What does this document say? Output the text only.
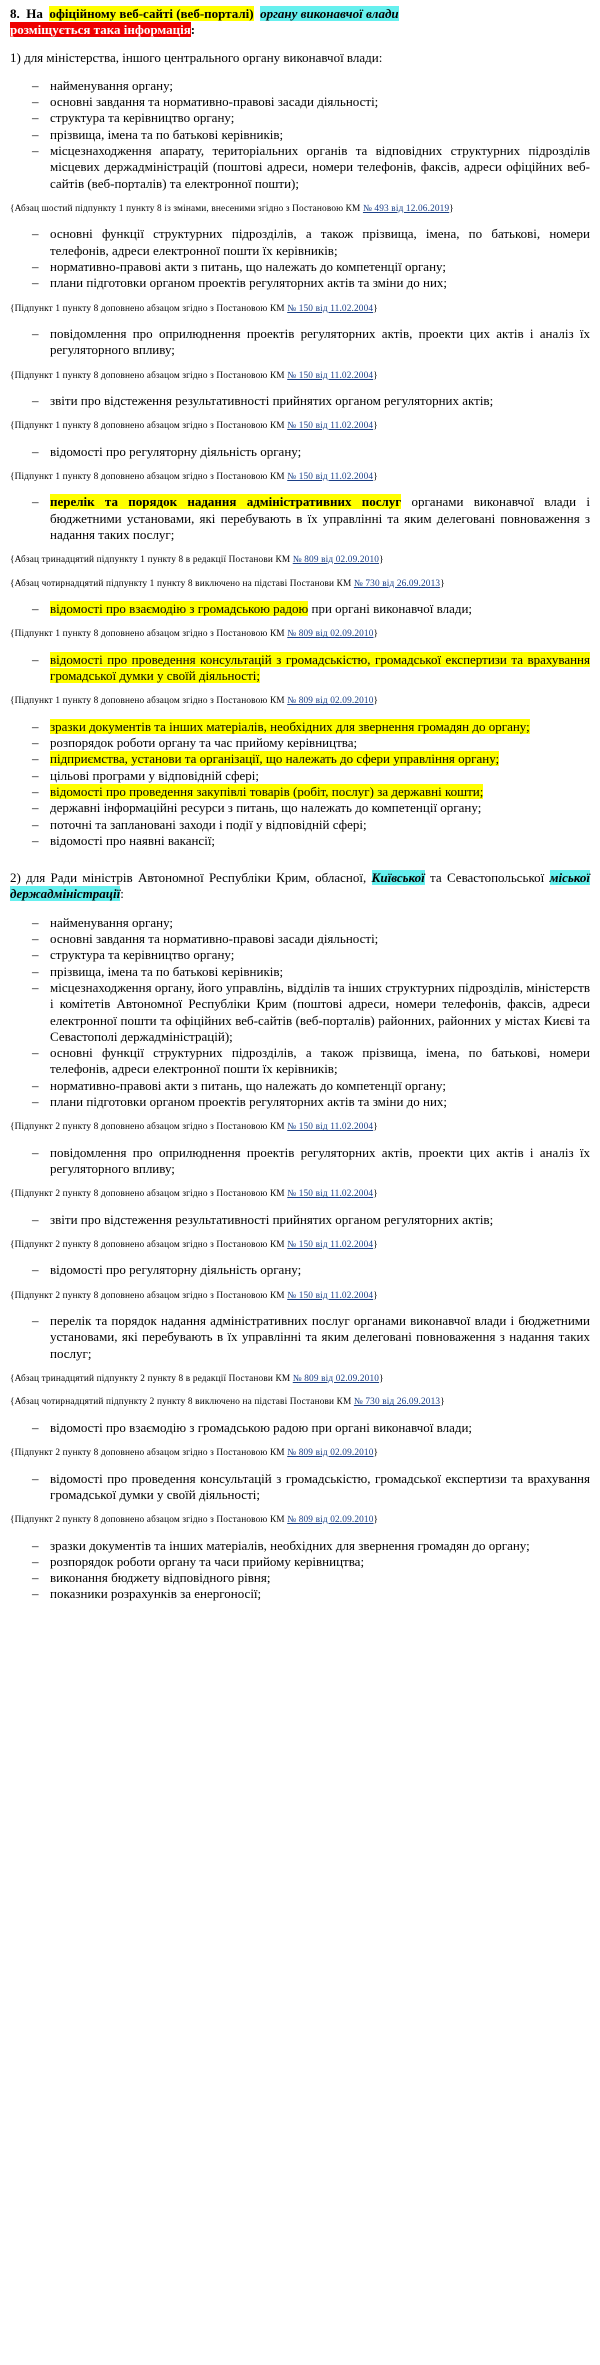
8. На офіційному веб-сайті (веб-порталі) органу виконавчої влади
розміщується така інформація:

1) для міністерства, іншого центрального органу виконавчої влади:

– найменування органу;
– основні завдання та нормативно-правові засади діяльності;
– структура та керівництво органу;
– прізвища, імена та по батькові керівників;
– місцезнаходження апарату, територіальних органів та відповідних структурних підрозділів місцевих держадміністрацій (поштові адреси, номери телефонів, факсів, адреси офіційних веб-сайтів (веб-порталів) та електронної пошти);

{Абзац шостий підпункту 1 пункту 8 із змінами, внесеними згідно з Постановою КМ № 493 від 12.06.2019}

– основні функції структурних підрозділів, а також прізвища, імена, по батькові, номери телефонів, адреси електронної пошти їх керівників;
– нормативно-правові акти з питань, що належать до компетенції органу;
– плани підготовки органом проектів регуляторних актів та зміни до них;

{Підпункт 1 пункту 8 доповнено абзацом згідно з Постановою КМ № 150 від 11.02.2004}

– повідомлення про оприлюднення проектів регуляторних актів, проекти цих актів і аналіз їх регуляторного впливу;

{Підпункт 1 пункту 8 доповнено абзацом згідно з Постановою КМ № 150 від 11.02.2004}

– звіти про відстеження результативності прийнятих органом регуляторних актів;

{Підпункт 1 пункту 8 доповнено абзацом згідно з Постановою КМ № 150 від 11.02.2004}

– відомості про регуляторну діяльність органу;

{Підпункт 1 пункту 8 доповнено абзацом згідно з Постановою КМ № 150 від 11.02.2004}

– перелік та порядок надання адміністративних послуг органами виконавчої влади і бюджетними установами, які перебувають в їх управлінні та яким делеговані повноваження з надання таких послуг;

{Абзац тринадцятий підпункту 1 пункту 8 в редакції Постанови КМ № 809 від 02.09.2010}

{Абзац чотирнадцятий підпункту 1 пункту 8 виключено на підставі Постанови КМ № 730 від 26.09.2013}

– відомості про взаємодію з громадською радою при органі виконавчої влади;

{Підпункт 1 пункту 8 доповнено абзацом згідно з Постановою КМ № 809 від 02.09.2010}

– відомості про проведення консультацій з громадськістю, громадської експертизи та врахування громадської думки у своїй діяльності;

{Підпункт 1 пункту 8 доповнено абзацом згідно з Постановою КМ № 809 від 02.09.2010}

– зразки документів та інших матеріалів, необхідних для звернення громадян до органу;
– розпорядок роботи органу та час прийому керівництва;
– підприємства, установи та організації, що належать до сфери управління органу;
– цільові програми у відповідній сфері;
– відомості про проведення закупівлі товарів (робіт, послуг) за державні кошти;
– державні інформаційні ресурси з питань, що належать до компетенції органу;
– поточні та заплановані заходи і події у відповідній сфері;
– відомості про наявні вакансії;

2) для Ради міністрів Автономної Республіки Крим, обласної, Київської та Севастопольської міської держадміністрації:

– найменування органу;
– основні завдання та нормативно-правові засади діяльності;
– структура та керівництво органу;
– прізвища, імена та по батькові керівників;
– місцезнаходження органу, його управлінь, відділів та інших структурних підрозділів, міністерств і комітетів Автономної Республіки Крим (поштові адреси, номери телефонів, факсів, адреси електронної пошти та офіційних веб-сайтів (веб-порталів) районних, районних у містах Києві та Севастополі держадміністрацій);
– основні функції структурних підрозділів, а також прізвища, імена, по батькові, номери телефонів, адреси електронної пошти їх керівників;
– нормативно-правові акти з питань, що належать до компетенції органу;
– плани підготовки органом проектів регуляторних актів та зміни до них;

{Підпункт 2 пункту 8 доповнено абзацом згідно з Постановою КМ № 150 від 11.02.2004}

– повідомлення про оприлюднення проектів регуляторних актів, проекти цих актів і аналіз їх регуляторного впливу;

{Підпункт 2 пункту 8 доповнено абзацом згідно з Постановою КМ № 150 від 11.02.2004}

– звіти про відстеження результативності прийнятих органом регуляторних актів;

{Підпункт 2 пункту 8 доповнено абзацом згідно з Постановою КМ № 150 від 11.02.2004}

– відомості про регуляторну діяльність органу;

{Підпункт 2 пункту 8 доповнено абзацом згідно з Постановою КМ № 150 від 11.02.2004}

– перелік та порядок надання адміністративних послуг органами виконавчої влади і бюджетними установами, які перебувають в їх управлінні та яким делеговані повноваження з надання таких послуг;

{Абзац тринадцятий підпункту 2 пункту 8 в редакції Постанови КМ № 809 від 02.09.2010}

{Абзац чотирнадцятий підпункту 2 пункту 8 виключено на підставі Постанови КМ № 730 від 26.09.2013}

– відомості про взаємодію з громадською радою при органі виконавчої влади;

{Підпункт 2 пункту 8 доповнено абзацом згідно з Постановою КМ № 809 від 02.09.2010}

– відомості про проведення консультацій з громадськістю, громадської експертизи та врахування громадської думки у своїй діяльності;

{Підпункт 2 пункту 8 доповнено абзацом згідно з Постановою КМ № 809 від 02.09.2010}

– зразки документів та інших матеріалів, необхідних для звернення громадян до органу;
– розпорядок роботи органу та часи прийому керівництва;
– виконання бюджету відповідного рівня;
– показники розрахунків за енергоносії;
